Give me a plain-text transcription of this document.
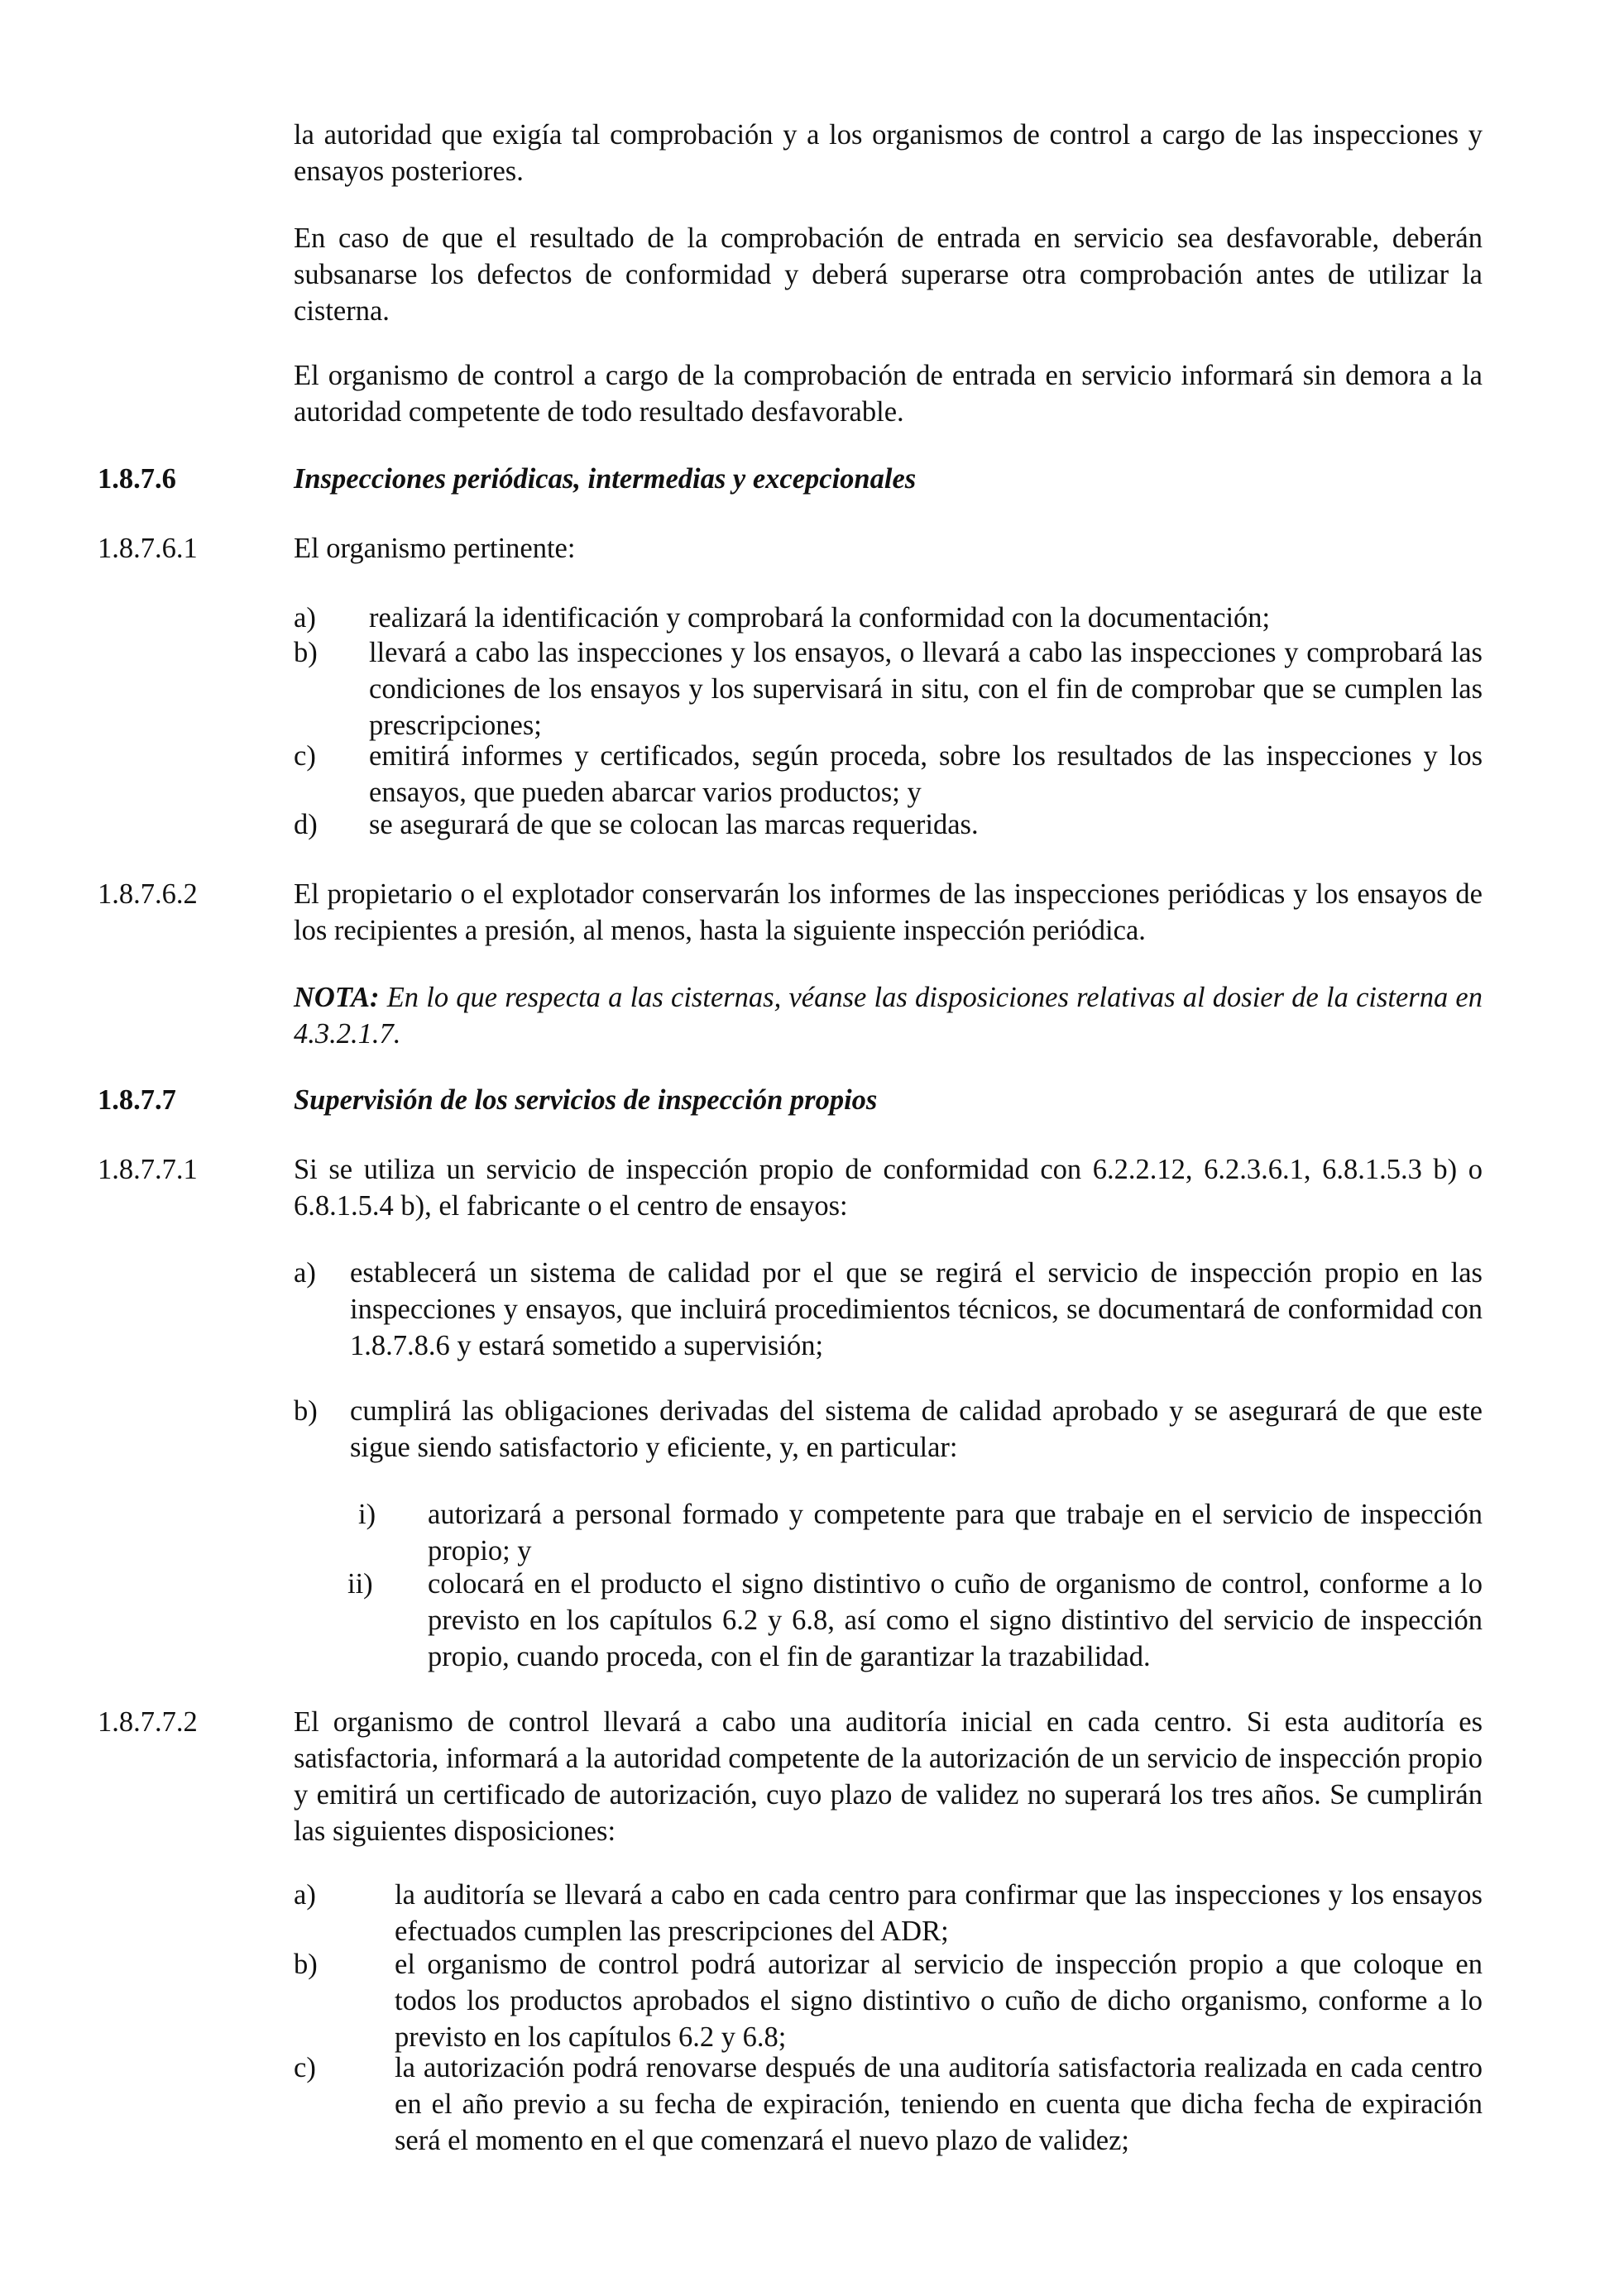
la autoridad que exigía tal comprobación y a los organismos de control a cargo de las inspecciones y ensayos posteriores.

En caso de que el resultado de la comprobación de entrada en servicio sea desfavorable, deberán subsanarse los defectos de conformidad y deberá superarse otra comprobación antes de utilizar la cisterna.

El organismo de control a cargo de la comprobación de entrada en servicio informará sin demora a la autoridad competente de todo resultado desfavorable.

1.8.7.6	Inspecciones periódicas, intermedias y excepcionales

1.8.7.6.1	El organismo pertinente:

a) realizará la identificación y comprobará la conformidad con la documentación;

b) llevará a cabo las inspecciones y los ensayos, o llevará a cabo las inspecciones y comprobará las condiciones de los ensayos y los supervisará in situ, con el fin de comprobar que se cumplen las prescripciones;

c) emitirá informes y certificados, según proceda, sobre los resultados de las inspecciones y los ensayos, que pueden abarcar varios productos; y

d) se asegurará de que se colocan las marcas requeridas.

1.8.7.6.2	El propietario o el explotador conservarán los informes de las inspecciones periódicas y los ensayos de los recipientes a presión, al menos, hasta la siguiente inspección periódica.

NOTA: En lo que respecta a las cisternas, véanse las disposiciones relativas al dosier de la cisterna en 4.3.2.1.7.

1.8.7.7	Supervisión de los servicios de inspección propios

1.8.7.7.1	Si se utiliza un servicio de inspección propio de conformidad con 6.2.2.12, 6.2.3.6.1, 6.8.1.5.3 b) o 6.8.1.5.4 b), el fabricante o el centro de ensayos:

a) establecerá un sistema de calidad por el que se regirá el servicio de inspección propio en las inspecciones y ensayos, que incluirá procedimientos técnicos, se documentará de conformidad con 1.8.7.8.6 y estará sometido a supervisión;

b) cumplirá las obligaciones derivadas del sistema de calidad aprobado y se asegurará de que este sigue siendo satisfactorio y eficiente, y, en particular:

i) autorizará a personal formado y competente para que trabaje en el servicio de inspección propio; y

ii) colocará en el producto el signo distintivo o cuño de organismo de control, conforme a lo previsto en los capítulos 6.2 y 6.8, así como el signo distintivo del servicio de inspección propio, cuando proceda, con el fin de garantizar la trazabilidad.

1.8.7.7.2	El organismo de control llevará a cabo una auditoría inicial en cada centro. Si esta auditoría es satisfactoria, informará a la autoridad competente de la autorización de un servicio de inspección propio y emitirá un certificado de autorización, cuyo plazo de validez no superará los tres años. Se cumplirán las siguientes disposiciones:

a)	la auditoría se llevará a cabo en cada centro para confirmar que las inspecciones y los ensayos efectuados cumplen las prescripciones del ADR;

b)	el organismo de control podrá autorizar al servicio de inspección propio a que coloque en todos los productos aprobados el signo distintivo o cuño de dicho organismo, conforme a lo previsto en los capítulos 6.2 y 6.8;

c)	la autorización podrá renovarse después de una auditoría satisfactoria realizada en cada centro en el año previo a su fecha de expiración, teniendo en cuenta que dicha fecha de expiración será el momento en el que comenzará el nuevo plazo de validez;
